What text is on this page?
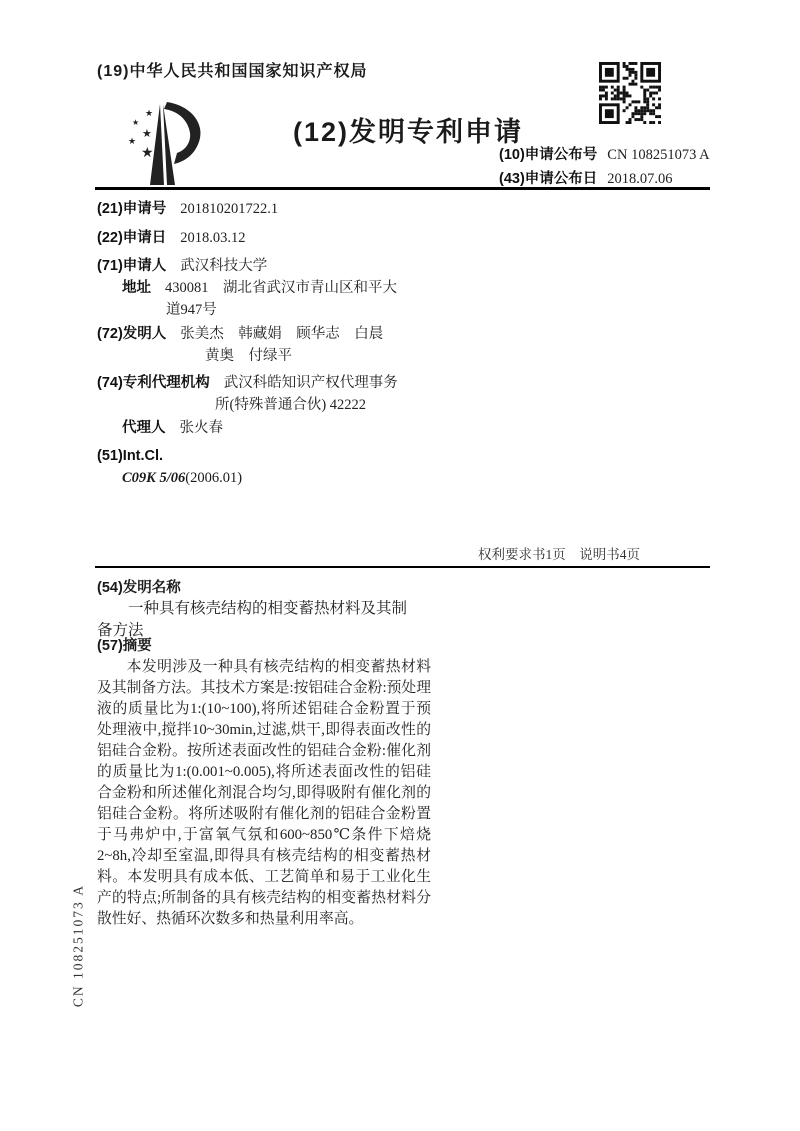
(19)中华人民共和国国家知识产权局
★
★
★
★
★
(12)发明专利申请
(10)申请公布号 CN 108251073 A
(43)申请公布日 2018.07.06
(21)申请号 201810201722.1
(22)申请日 2018.03.12
(71)申请人 武汉科技大学
地址 430081　湖北省武汉市青山区和平大
道947号
(72)发明人 张美杰　韩藏娟　顾华志　白晨
黄奥　付绿平
(74)专利代理机构 武汉科皓知识产权代理事务
所(特殊普通合伙) 42222
代理人 张火春
(51)Int.Cl.
C09K 5/06(2006.01)
权利要求书1页　说明书4页
(54)发明名称
一种具有核壳结构的相变蓄热材料及其制备方法
(57)摘要
本发明涉及一种具有核壳结构的相变蓄热材料及其制备方法。其技术方案是:按铝硅合金粉:预处理液的质量比为1:(10~100),将所述铝硅合金粉置于预处理液中,搅拌10~30min,过滤,烘干,即得表面改性的铝硅合金粉。按所述表面改性的铝硅合金粉:催化剂的质量比为1:(0.001~0.005),将所述表面改性的铝硅合金粉和所述催化剂混合均匀,即得吸附有催化剂的铝硅合金粉。将所述吸附有催化剂的铝硅合金粉置于马弗炉中,于富氧气氛和600~850℃条件下焙烧2~8h,冷却至室温,即得具有核壳结构的相变蓄热材料。本发明具有成本低、工艺简单和易于工业化生产的特点;所制备的具有核壳结构的相变蓄热材料分散性好、热循环次数多和热量利用率高。
CN 108251073 A
